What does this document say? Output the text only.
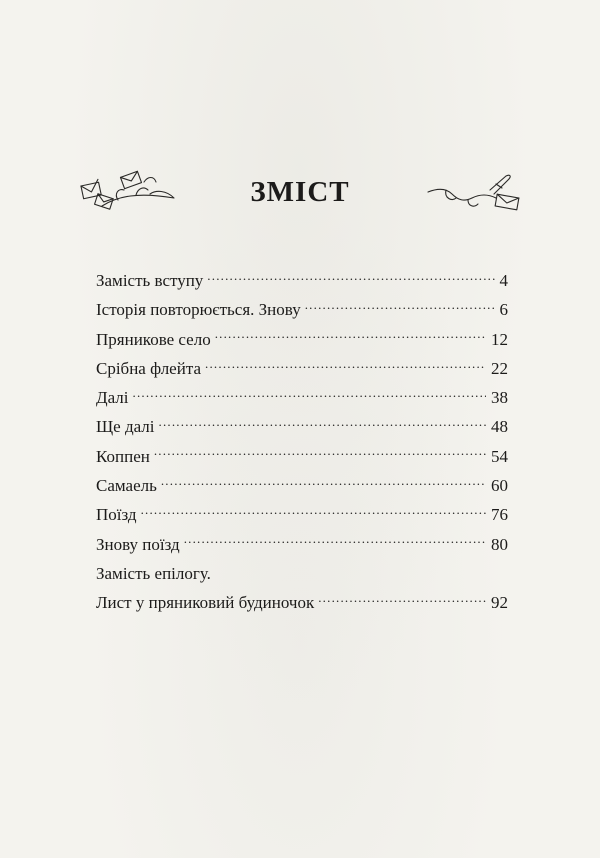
ЗМІСТ
Замість вступу .....	4
Історія повторюється. Знову .....	6
Пряникове село .....	12
Срібна флейта .....	22
Далі .....	38
Ще далі .....	48
Коппен .....	54
Самаель .....	60
Поїзд .....	76
Знову поїзд .....	80
Замість епілогу.
Лист у пряниковий будиночок .....	92
